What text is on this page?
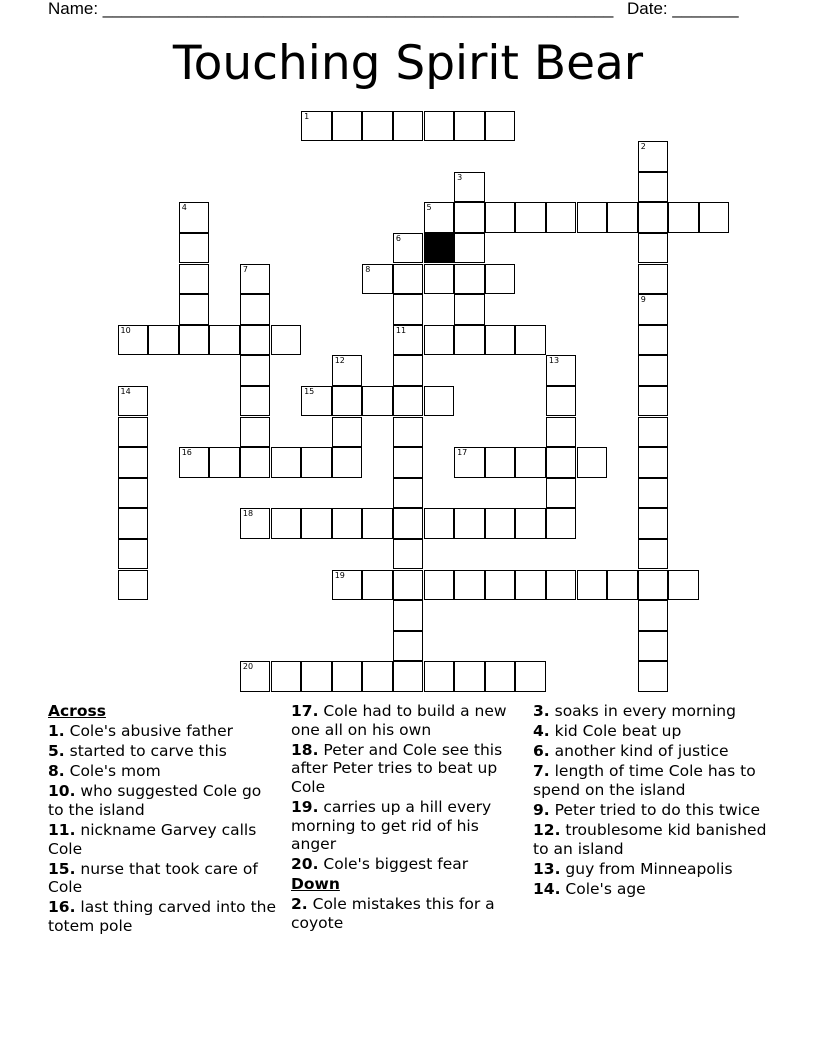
Name: ______________________________________________________ Date: _______
Touching Spirit Bear
1
2
3
4	5
6
11
7	8
9
10
12	13
14	15
16	17
18
19
20
Across
1. Cole's abusive father
5. started to carve this
8. Cole's mom
10. who suggested Cole go to the island
11. nickname Garvey calls Cole
15. nurse that took care of Cole
16. last thing carved into the totem pole
17. Cole had to build a new one all on his own
18. Peter and Cole see this after Peter tries to beat up Cole
19. carries up a hill every morning to get rid of his anger
20. Cole's biggest fear
Down
2. Cole mistakes this for a coyote
3. soaks in every morning
4. kid Cole beat up
6. another kind of justice
7. length of time Cole has to spend on the island
9. Peter tried to do this twice
12. troublesome kid banished to an island
13. guy from Minneapolis
14. Cole's age
